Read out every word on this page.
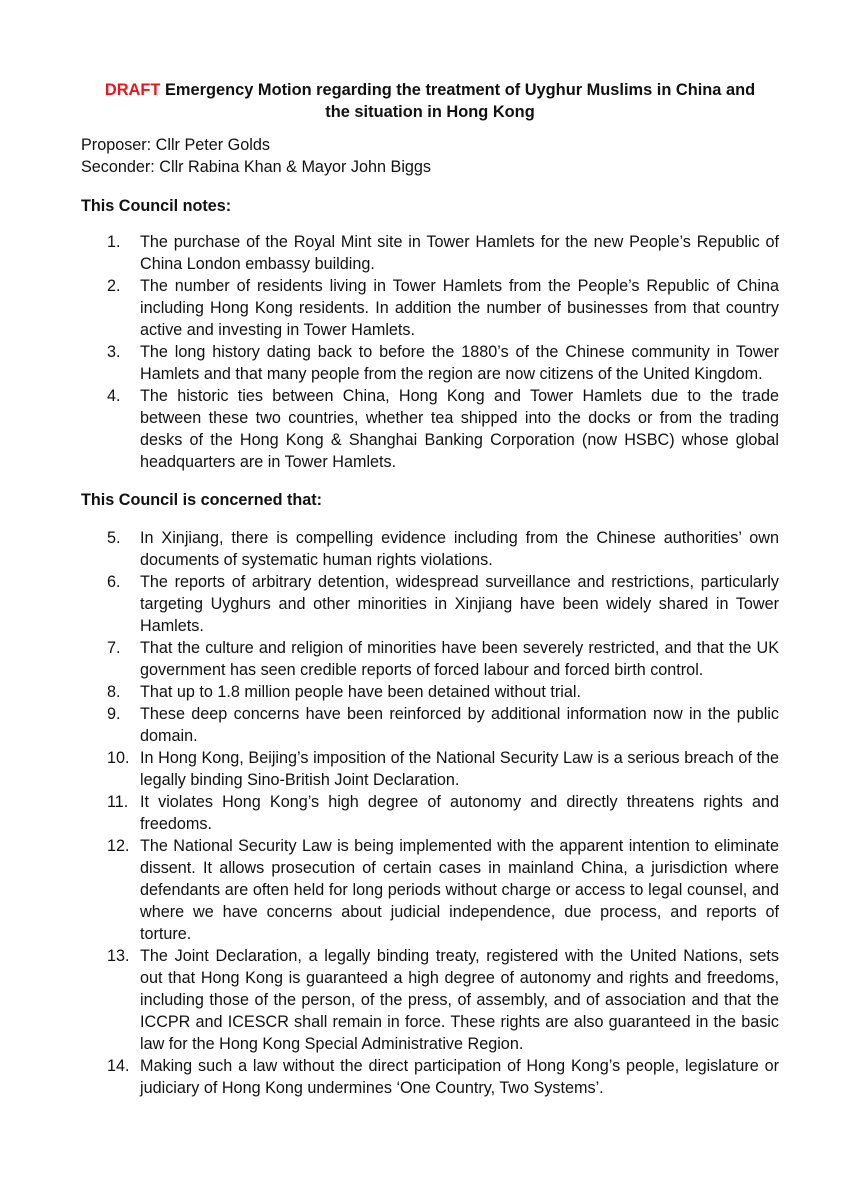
DRAFT Emergency Motion regarding the treatment of Uyghur Muslims in China and
the situation in Hong Kong

Proposer: Cllr Peter Golds

Seconder: Cllr Rabina Khan & Mayor John Biggs

This Council notes:

1.	The purchase of the Royal Mint site in Tower Hamlets for the new People’s Republic of China London embassy building.
2.	The number of residents living in Tower Hamlets from the People’s Republic of China including Hong Kong residents. In addition the number of businesses from that country active and investing in Tower Hamlets.
3.	The long history dating back to before the 1880’s of the Chinese community in Tower Hamlets and that many people from the region are now citizens of the United Kingdom.
4.	The historic ties between China, Hong Kong and Tower Hamlets due to the trade between these two countries, whether tea shipped into the docks or from the trading desks of the Hong Kong & Shanghai Banking Corporation (now HSBC) whose global headquarters are in Tower Hamlets.

This Council is concerned that:

5.	In Xinjiang, there is compelling evidence including from the Chinese authorities’ own documents of systematic human rights violations.
6.	The reports of arbitrary detention, widespread surveillance and restrictions, particularly targeting Uyghurs and other minorities in Xinjiang have been widely shared in Tower Hamlets.
7.	That the culture and religion of minorities have been severely restricted, and that the UK government has seen credible reports of forced labour and forced birth control.
8.	That up to 1.8 million people have been detained without trial.
9.	These deep concerns have been reinforced by additional information now in the public domain.
10. In Hong Kong, Beijing’s imposition of the National Security Law is a serious breach of the legally binding Sino-British Joint Declaration.
11. It violates Hong Kong’s high degree of autonomy and directly threatens rights and freedoms.
12. The National Security Law is being implemented with the apparent intention to eliminate dissent. It allows prosecution of certain cases in mainland China, a jurisdiction where defendants are often held for long periods without charge or access to legal counsel, and where we have concerns about judicial independence, due process, and reports of torture.
13. The Joint Declaration, a legally binding treaty, registered with the United Nations, sets out that Hong Kong is guaranteed a high degree of autonomy and rights and freedoms, including those of the person, of the press, of assembly, and of association and that the ICCPR and ICESCR shall remain in force. These rights are also guaranteed in the basic law for the Hong Kong Special Administrative Region.
14. Making such a law without the direct participation of Hong Kong’s people, legislature or judiciary of Hong Kong undermines ‘One Country, Two Systems’.
